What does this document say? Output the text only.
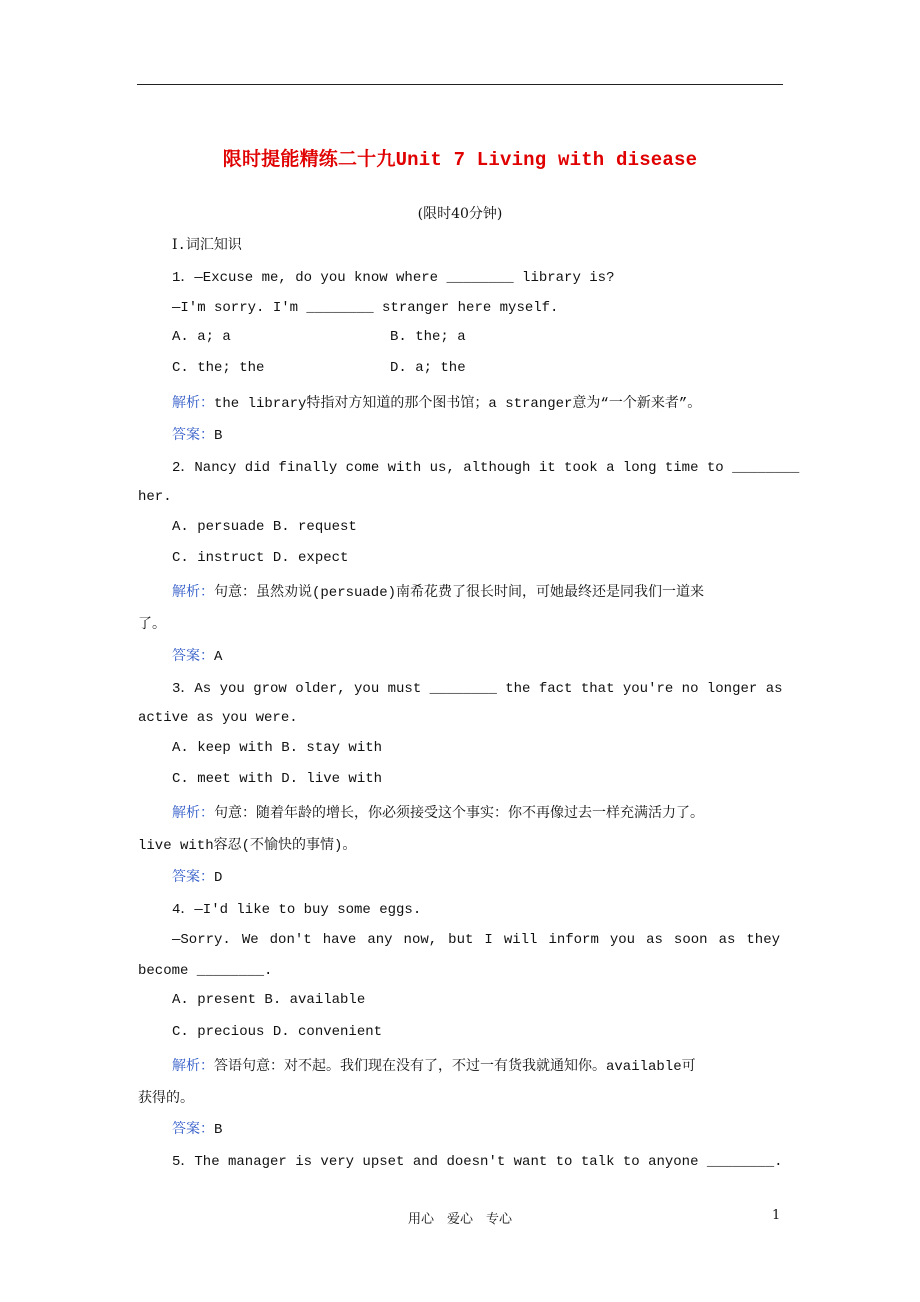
限时提能精练二十九Unit 7 Living with disease
(限时40分钟)
Ⅰ.词汇知识
1．—Excuse me, do you know where ________ library is?
—I'm sorry. I'm ________ stranger here myself.
A. a; a	B. the; a
C. the; the	D. a; the
解析：the library特指对方知道的那个图书馆；a stranger意为“一个新来者”。
答案：B
2．Nancy did finally come with us, although it took a long time to ________
her.
A. persuade B. request
C. instruct D. expect
解析：句意：虽然劝说(persuade)南希花费了很长时间，可她最终还是同我们一道来
了。
答案：A
3．As you grow older, you must ________ the fact that you're no longer as
active as you were.
A. keep with B. stay with
C. meet with D. live with
解析：句意：随着年龄的增长，你必须接受这个事实：你不再像过去一样充满活力了。
live with容忍(不愉快的事情)。
答案：D
4．—I'd like to buy some eggs.
—Sorry. We don't have any now, but I will inform you as soon as they
become ________.
A. present B. available
C. precious D. convenient
解析：答语句意：对不起。我们现在没有了，不过一有货我就通知你。available可
获得的。
答案：B
5．The manager is very upset and doesn't want to talk to anyone ________.
用心　爱心　专心	1
